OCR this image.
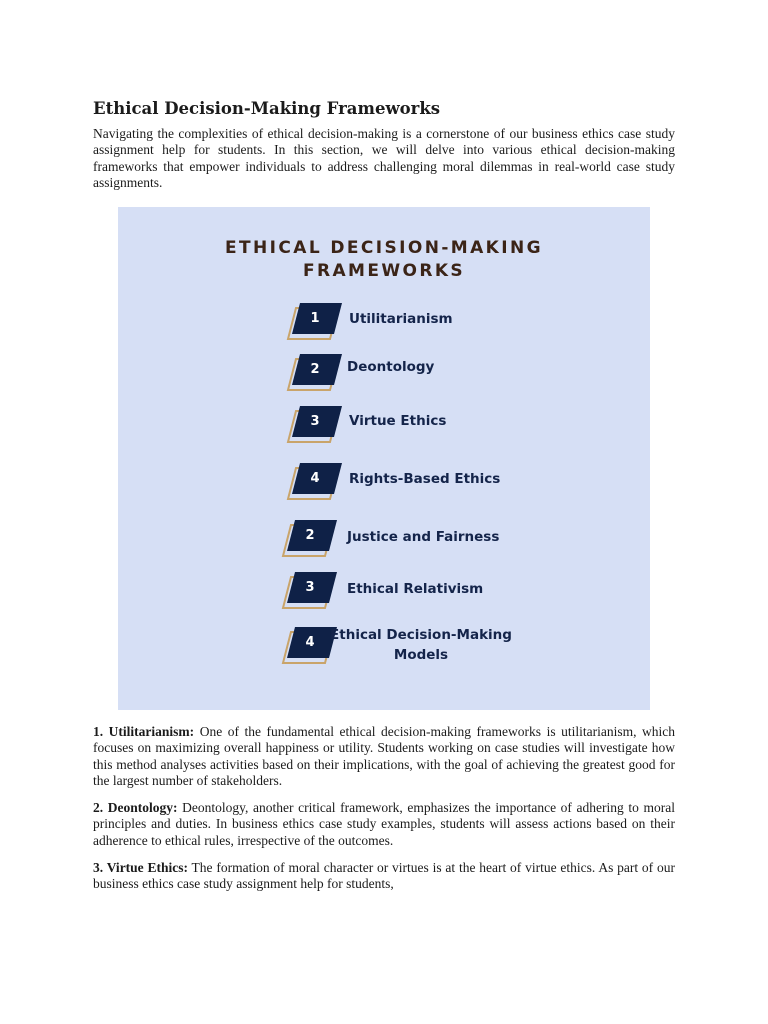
Ethical Decision-Making Frameworks

Navigating the complexities of ethical decision-making is a cornerstone of our business ethics case study assignment help for students. In this section, we will delve into various ethical decision-making frameworks that empower individuals to address challenging moral dilemmas in real-world case study assignments.

ETHICAL DECISION-MAKING
FRAMEWORKS
1	Utilitarianism
2	Deontology
3	Virtue Ethics
4	Rights-Based Ethics
2	Justice and Fairness
3	Ethical Relativism
4	Ethical Decision-Making
Models

1. Utilitarianism: One of the fundamental ethical decision-making frameworks is utilitarianism, which focuses on maximizing overall happiness or utility. Students working on case studies will investigate how this method analyses activities based on their implications, with the goal of achieving the greatest good for the largest number of stakeholders.

2. Deontology: Deontology, another critical framework, emphasizes the importance of adhering to moral principles and duties. In business ethics case study examples, students will assess actions based on their adherence to ethical rules, irrespective of the outcomes.

3. Virtue Ethics: The formation of moral character or virtues is at the heart of virtue ethics. As part of our business ethics case study assignment help for students,
